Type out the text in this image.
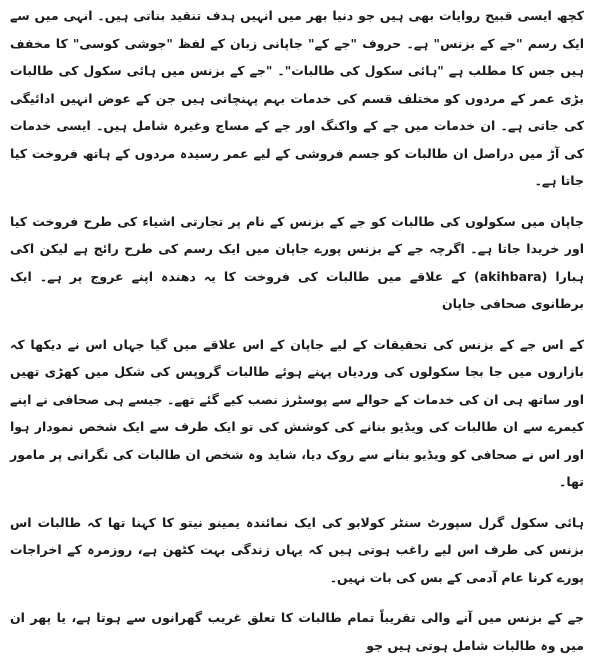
کچھ ایسی قبیح روایات بھی ہیں جو دنیا بھر میں انہیں ہدف تنقید بناتی ہیں۔ انہی میں سے ایک رسم "جے کے بزنس" ہے۔ حروف "جے کے" جاپانی زبان کے لفظ "جوشی کوسی" کا مخفف ہیں جس کا مطلب ہے "ہائی سکول کی طالبات"۔ "جے کے بزنس میں ہائی سکول کی طالبات بڑی عمر کے مردوں کو مختلف قسم کی خدمات بہم پہنچاتی ہیں جن کے عوض انہیں ادائیگی کی جاتی ہے۔ ان خدمات میں جے کے واکنگ اور جے کے مساج وغیرہ شامل ہیں۔ ایسی خدمات کی آڑ میں دراصل ان طالبات کو جسم فروشی کے لیے عمر رسیدہ مردوں کے ہاتھ فروخت کیا جاتا ہے۔

جاپان میں سکولوں کی طالبات کو جے کے بزنس کے نام پر تجارتی اشیاء کی طرح فروخت کیا اور خریدا جاتا ہے۔ اگرچہ جے کے بزنس پورے جاپان میں ایک رسم کی طرح رائج ہے لیکن اکی ہبارا (akihbara) کے علاقے میں طالبات کی فروخت کا یہ دھندہ اپنے عروج پر ہے۔ ایک برطانوی صحافی جاپان

کے اس جے کے بزنس کی تحقیقات کے لیے جاپان کے اس علاقے میں گیا جہاں اس نے دیکھا کہ بازاروں میں جا بجا سکولوں کی وردیاں پہنے ہوئے طالبات گروپس کی شکل میں کھڑی تھیں اور ساتھ ہی ان کی خدمات کے حوالے سے پوسٹرز نصب کیے گئے تھے۔ جیسے ہی صحافی نے اپنے کیمرے سے ان طالبات کی ویڈیو بنانے کی کوشش کی تو ایک طرف سے ایک شخص نمودار ہوا اور اس نے صحافی کو ویڈیو بنانے سے روک دیا، شاید وہ شخص ان طالبات کی نگرانی پر مامور تھا۔

ہائی سکول گرل سپورٹ سنٹر کولابو کی ایک نمائندہ یمینو نیتو کا کہنا تھا کہ طالبات اس بزنس کی طرف اس لیے راغب ہوتی ہیں کہ یہاں زندگی بہت کٹھن ہے، روزمرہ کے اخراجات پورے کرنا عام آدمی کے بس کی بات نہیں۔

جے کے بزنس میں آنے والی تقریباً تمام طالبات کا تعلق غریب گھرانوں سے ہوتا ہے، یا پھر ان میں وہ طالبات شامل ہوتی ہیں جو
